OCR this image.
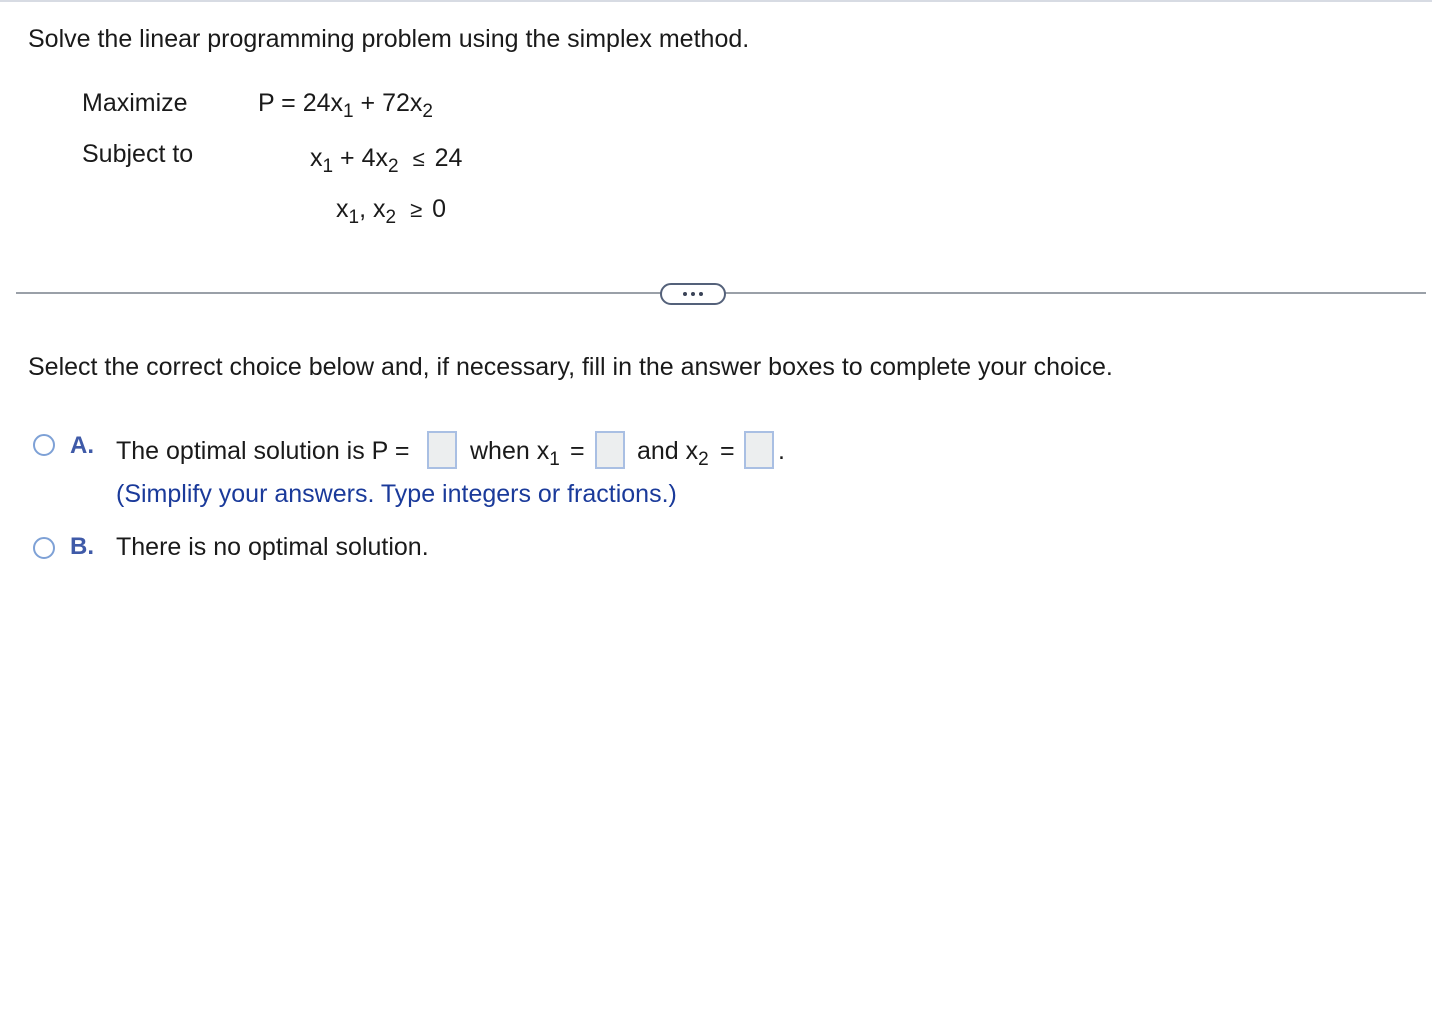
Solve the linear programming problem using the simplex method.
Maximize
Subject to
$P = 24x_1 + 72x_2$
$x_1 + 4x_2 \le 24$
$x_1$, $x_2 \ge 0$
Select the correct choice below and, if necessary, fill in the answer boxes to complete your choice.
A. The optimal solution is P = when $x_1$ = and $x_2$ = .
(Simplify your answers. Type integers or fractions.)
B. There is no optimal solution.
